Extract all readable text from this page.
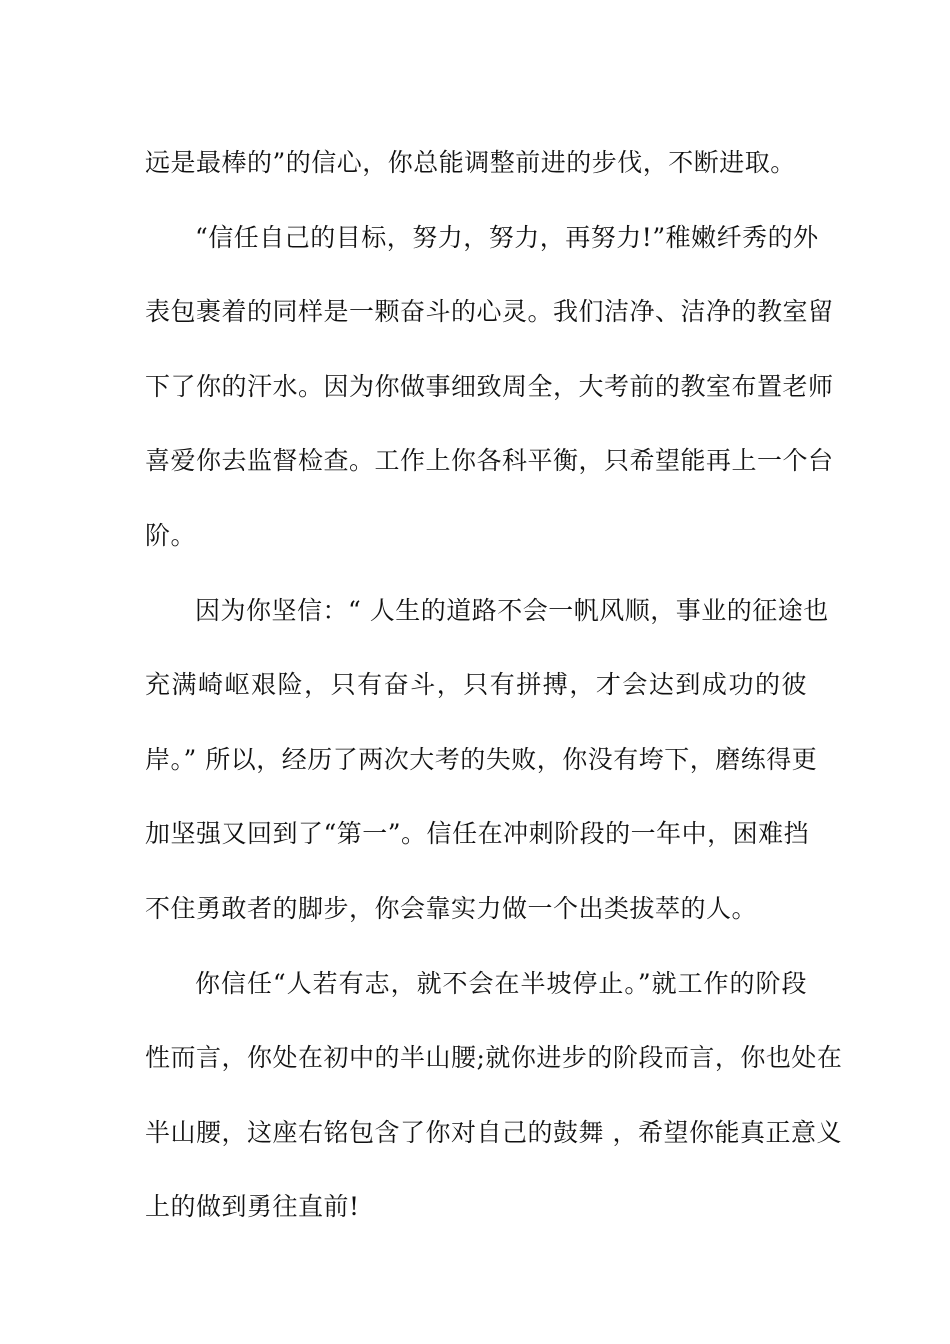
远是最棒的”的信心，你总能调整前进的步伐，不断进取。
“信任自己的目标，努力，努力，再努力!”稚嫩纤秀的外
表包裹着的同样是一颗奋斗的心灵。我们洁净、洁净的教室留
下了你的汗水。因为你做事细致周全，大考前的教室布置老师
喜爱你去监督检查。工作上你各科平衡，只希望能再上一个台
阶。
因为你坚信：“ 人生的道路不会一帆风顺，事业的征途也
充满崎岖艰险，只有奋斗，只有拼搏，才会达到成功的彼
岸。” 所以，经历了两次大考的失败，你没有垮下，磨练得更
加坚强又回到了“第一”。信任在冲刺阶段的一年中，困难挡
不住勇敢者的脚步，你会靠实力做一个出类拔萃的人。
你信任“人若有志，就不会在半坡停止。”就工作的阶段
性而言，你处在初中的半山腰;就你进步的阶段而言，你也处在
半山腰，这座右铭包含了你对自己的鼓舞 ，希望你能真正意义
上的做到勇往直前!
